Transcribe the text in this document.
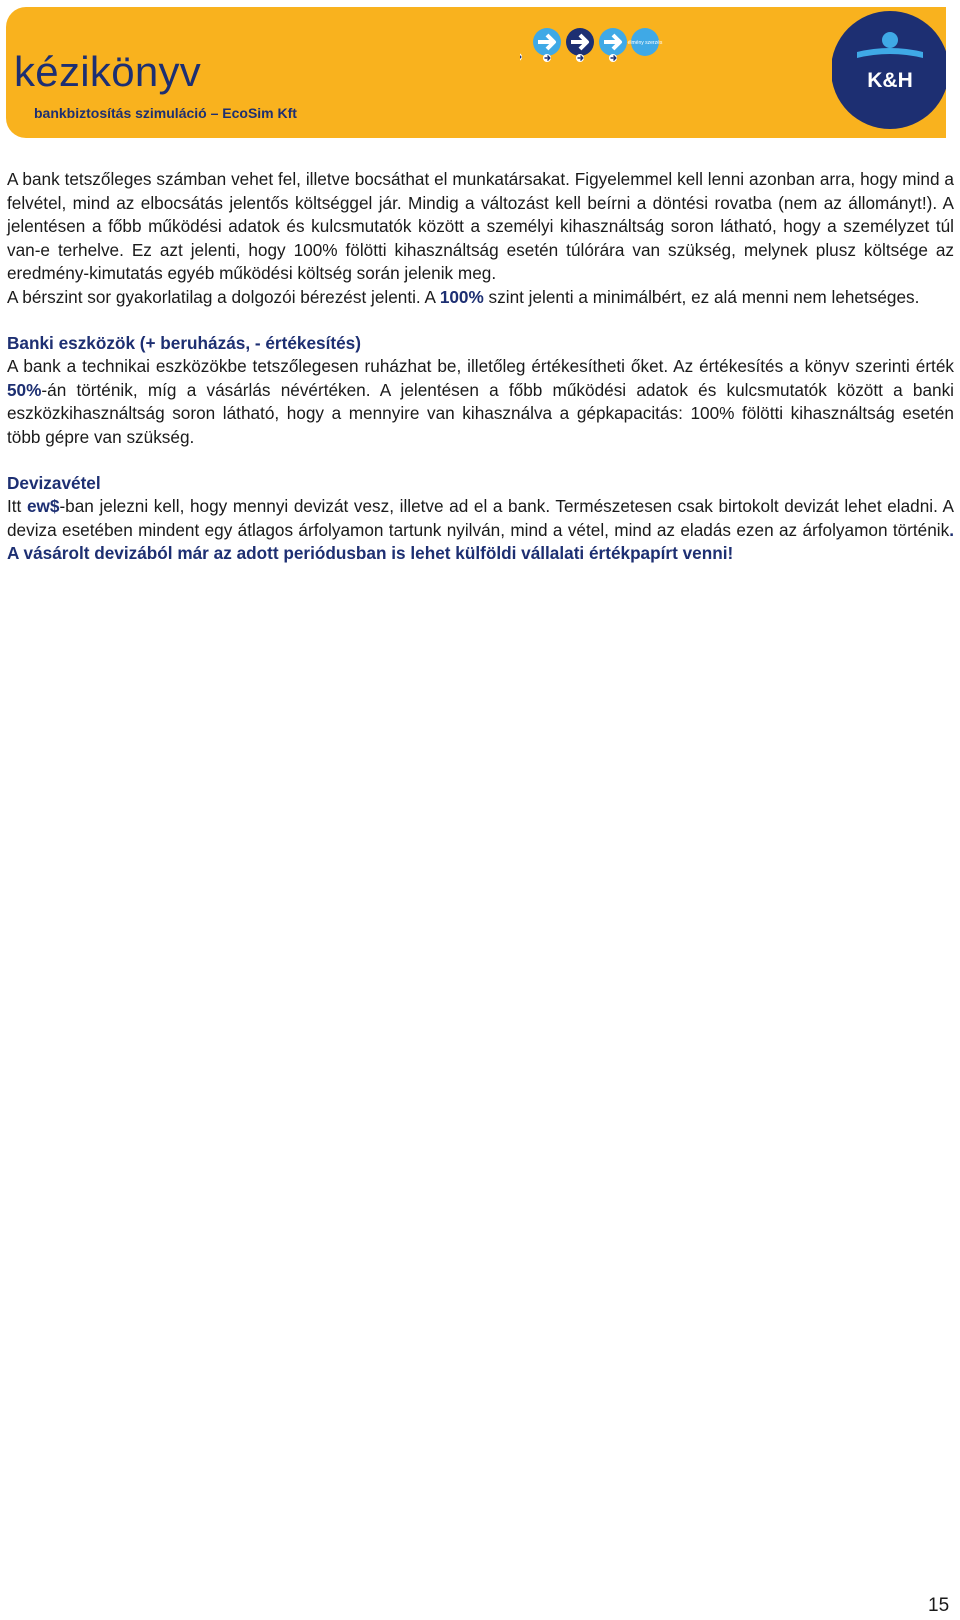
kézikönyv
bankbiztosítás szimuláció – EcoSim Kft
élmény szerzés
K&H

A bank tetszőleges számban vehet fel, illetve bocsáthat el munkatársakat. Figyelemmel kell lenni azonban arra, hogy mind a felvétel, mind az elbocsátás jelentős költséggel jár. Mindig a változást kell beírni a döntési rovatba (nem az állományt!). A jelentésen a főbb működési adatok és kulcsmutatók között a személyi kihasználtság soron látható, hogy a személyzet túl van-e terhelve. Ez azt jelenti, hogy 100% fölötti kihasználtság esetén túlórára van szükség, melynek plusz költsége az eredmény-kimutatás egyéb működési költség során jelenik meg.

A bérszint sor gyakorlatilag a dolgozói bérezést jelenti. A 100% szint jelenti a minimálbért, ez alá menni nem lehetséges.

Banki eszközök (+ beruházás, - értékesítés)

A bank a technikai eszközökbe tetszőlegesen ruházhat be, illetőleg értékesítheti őket. Az értékesítés a könyv szerinti érték 50%-án történik, míg a vásárlás névértéken. A jelentésen a főbb működési adatok és kulcsmutatók között a banki eszközkihasználtság soron látható, hogy a mennyire van kihasználva a gépkapacitás: 100% fölötti kihasználtság esetén több gépre van szükség.

Devizavétel

Itt ew$-ban jelezni kell, hogy mennyi devizát vesz, illetve ad el a bank. Természetesen csak birtokolt devizát lehet eladni. A deviza esetében mindent egy átlagos árfolyamon tartunk nyilván, mind a vétel, mind az eladás ezen az árfolyamon történik. A vásárolt devizából már az adott periódusban is lehet külföldi vállalati értékpapírt venni!

15
